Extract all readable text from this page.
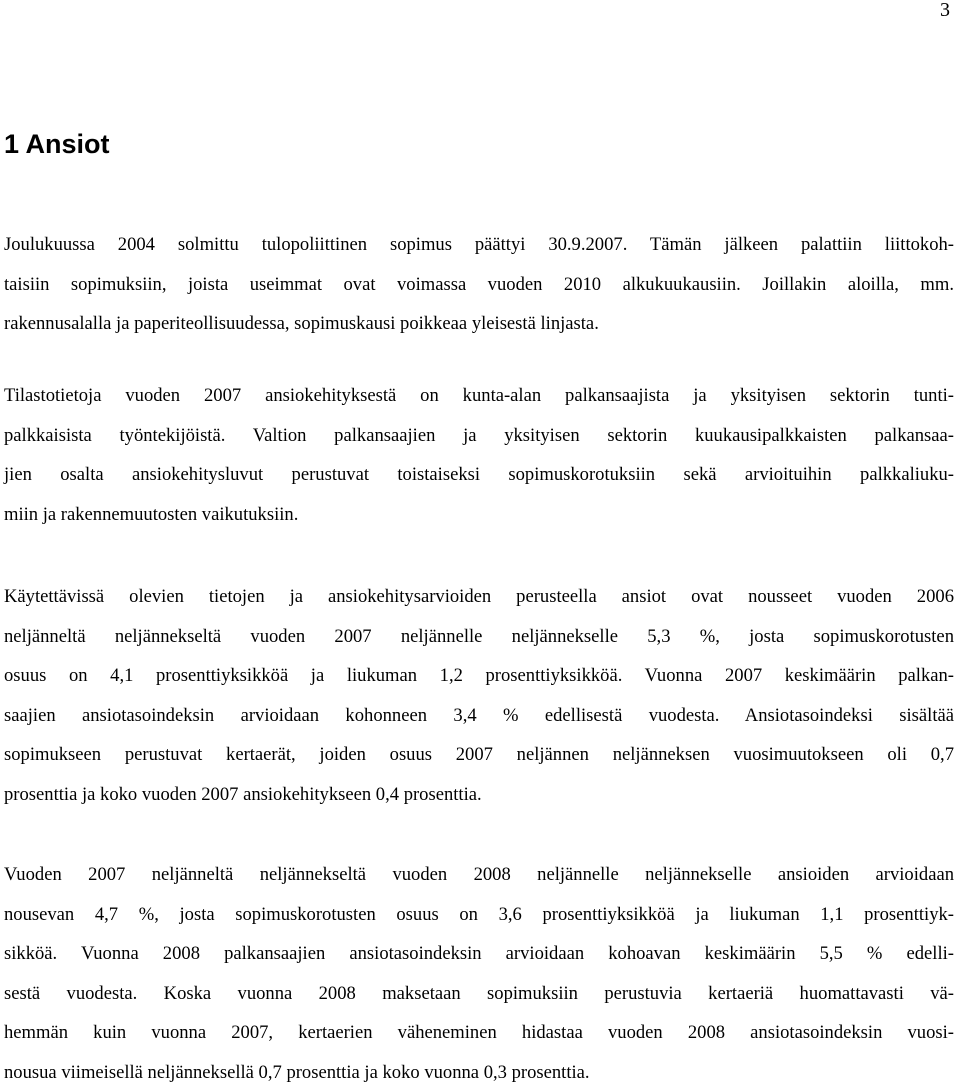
3
1 Ansiot
Joulukuussa 2004 solmittu tulopoliittinen sopimus päättyi 30.9.2007. Tämän jälkeen palattiin liittokoh-
taisiin sopimuksiin, joista useimmat ovat voimassa vuoden 2010 alkukuukausiin. Joillakin aloilla, mm.
rakennusalalla ja paperiteollisuudessa, sopimuskausi poikkeaa yleisestä linjasta.
Tilastotietoja vuoden 2007 ansiokehityksestä on kunta-alan palkansaajista ja yksityisen sektorin tunti-
palkkaisista työntekijöistä. Valtion palkansaajien ja yksityisen sektorin kuukausipalkkaisten palkansaa-
jien osalta ansiokehitysluvut perustuvat toistaiseksi sopimuskorotuksiin sekä arvioituihin palkkaliuku-
miin ja rakennemuutosten vaikutuksiin.
Käytettävissä olevien tietojen ja ansiokehitysarvioiden perusteella ansiot ovat nousseet vuoden 2006
neljänneltä neljännekseltä vuoden 2007 neljännelle neljännekselle 5,3 %, josta sopimuskorotusten
osuus on 4,1 prosenttiyksikköä ja liukuman 1,2 prosenttiyksikköä. Vuonna 2007 keskimäärin palkan-
saajien ansiotasoindeksin arvioidaan kohonneen 3,4 % edellisestä vuodesta. Ansiotasoindeksi sisältää
sopimukseen perustuvat kertaerät, joiden osuus 2007 neljännen neljänneksen vuosimuutokseen oli 0,7
prosenttia ja koko vuoden 2007 ansiokehitykseen 0,4 prosenttia.
Vuoden 2007 neljänneltä neljännekseltä vuoden 2008 neljännelle neljännekselle ansioiden arvioidaan
nousevan 4,7 %, josta sopimuskorotusten osuus on 3,6 prosenttiyksikköä ja liukuman 1,1 prosenttiyk-
sikköä. Vuonna 2008 palkansaajien ansiotasoindeksin arvioidaan kohoavan keskimäärin 5,5 % edelli-
sestä vuodesta. Koska vuonna 2008 maksetaan sopimuksiin perustuvia kertaeriä huomattavasti vä-
hemmän kuin vuonna 2007, kertaerien väheneminen hidastaa vuoden 2008 ansiotasoindeksin vuosi-
nousua viimeisellä neljänneksellä 0,7 prosenttia ja koko vuonna 0,3 prosenttia.
